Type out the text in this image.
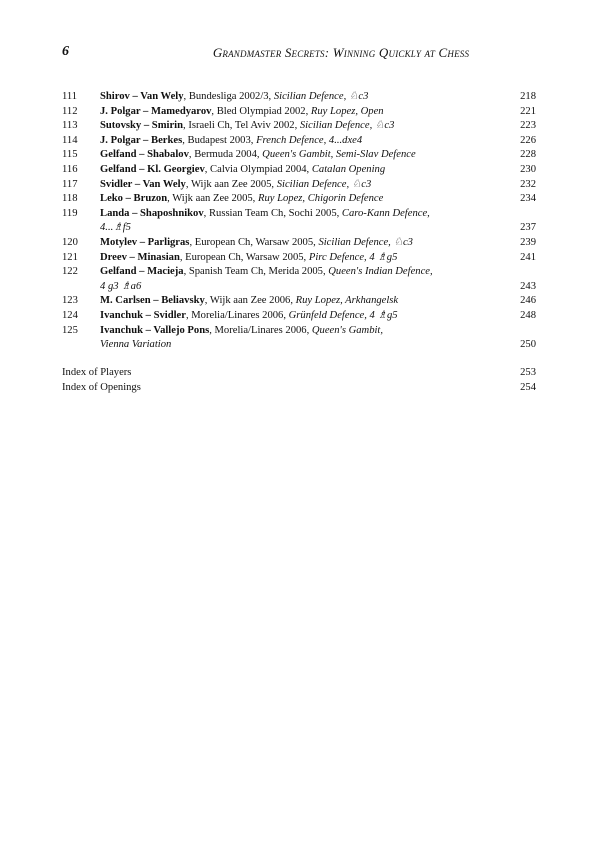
6	Grandmaster Secrets: Winning Quickly at Chess
111	Shirov – Van Wely, Bundesliga 2002/3, Sicilian Defence, ♘c3	218
112	J. Polgar – Mamedyarov, Bled Olympiad 2002, Ruy Lopez, Open	221
113	Sutovsky – Smirin, Israeli Ch, Tel Aviv 2002, Sicilian Defence, ♘c3	223
114	J. Polgar – Berkes, Budapest 2003, French Defence, 4...dxe4	226
115	Gelfand – Shabalov, Bermuda 2004, Queen's Gambit, Semi-Slav Defence	228
116	Gelfand – Kl. Georgiev, Calvia Olympiad 2004, Catalan Opening	230
117	Svidler – Van Wely, Wijk aan Zee 2005, Sicilian Defence, ♘c3	232
118	Leko – Bruzon, Wijk aan Zee 2005, Ruy Lopez, Chigorin Defence	234
119	Landa – Shaposhnikov, Russian Team Ch, Sochi 2005, Caro-Kann Defence,
4...♗f5	237
120	Motylev – Parligras, European Ch, Warsaw 2005, Sicilian Defence, ♘c3	239
121	Dreev – Minasian, European Ch, Warsaw 2005, Pirc Defence, 4 ♗g5	241
122	Gelfand – Macieja, Spanish Team Ch, Merida 2005, Queen's Indian Defence,
4 g3 ♗a6	243
123	M. Carlsen – Beliavsky, Wijk aan Zee 2006, Ruy Lopez, Arkhangelsk	246
124	Ivanchuk – Svidler, Morelia/Linares 2006, Grünfeld Defence, 4 ♗g5	248
125	Ivanchuk – Vallejo Pons, Morelia/Linares 2006, Queen's Gambit,
Vienna Variation	250
Index of Players	253
Index of Openings	254
